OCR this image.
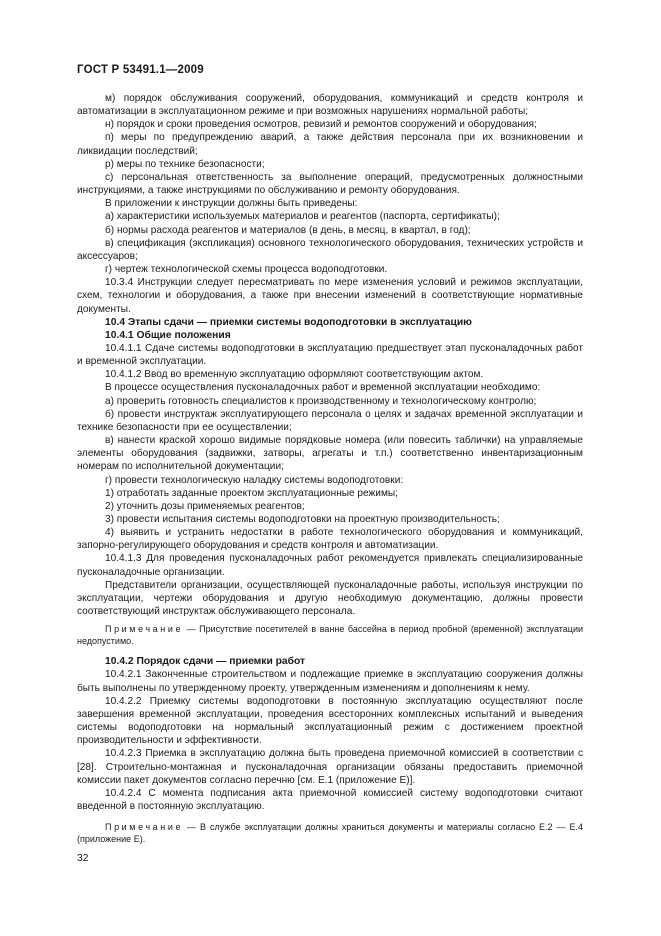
ГОСТ Р 53491.1—2009

м) порядок обслуживания сооружений, оборудования, коммуникаций и средств контроля и автоматизации в эксплуатационном режиме и при возможных нарушениях нормальной работы;

н) порядок и сроки проведения осмотров, ревизий и ремонтов сооружений и оборудования;

п) меры по предупреждению аварий, а также действия персонала при их возникновении и ликвидации последствий;

р) меры по технике безопасности;

с) персональная ответственность за выполнение операций, предусмотренных должностными инструкциями, а также инструкциями по обслуживанию и ремонту оборудования.

В приложении к инструкции должны быть приведены:

а) характеристики используемых материалов и реагентов (паспорта, сертификаты);

б) нормы расхода реагентов и материалов (в день, в месяц, в квартал, в год);

в) спецификация (экспликация) основного технологического оборудования, технических устройств и аксессуаров;

г) чертеж технологической схемы процесса водоподготовки.

10.3.4 Инструкции следует пересматривать по мере изменения условий и режимов эксплуатации, схем, технологии и оборудования, а также при внесении изменений в соответствующие нормативные документы.

10.4 Этапы сдачи — приемки системы водоподготовки в эксплуатацию

10.4.1 Общие положения

10.4.1.1 Сдаче системы водоподготовки в эксплуатацию предшествует этап пусконаладочных работ и временной эксплуатации.

10.4.1.2 Ввод во временную эксплуатацию оформляют соответствующим актом.

В процессе осуществления пусконаладочных работ и временной эксплуатации необходимо:

а) проверить готовность специалистов к производственному и технологическому контролю;

б) провести инструктаж эксплуатирующего персонала о целях и задачах временной эксплуатации и технике безопасности при ее осуществлении;

в) нанести краской хорошо видимые порядковые номера (или повесить таблички) на управляемые элементы оборудования (задвижки, затворы, агрегаты и т.п.) соответственно инвентаризационным номерам по исполнительной документации;

г) провести технологическую наладку системы водоподготовки:

1) отработать заданные проектом эксплуатационные режимы;

2) уточнить дозы применяемых реагентов;

3) провести испытания системы водоподготовки на проектную производительность;

4) выявить и устранить недостатки в работе технологического оборудования и коммуникаций, запорно-регулирующего оборудования и средств контроля и автоматизации.

10.4.1.3 Для проведения пусконаладочных работ рекомендуется привлекать специализированные пусконаладочные организации.

Представители организации, осуществляющей пусконаладочные работы, используя инструкции по эксплуатации, чертежи оборудования и другую необходимую документацию, должны провести соответствующий инструктаж обслуживающего персонала.

Примечание — Присутствие посетителей в ванне бассейна в период пробной (временной) эксплуатации недопустимо.

10.4.2 Порядок сдачи — приемки работ

10.4.2.1 Законченные строительством и подлежащие приемке в эксплуатацию сооружения должны быть выполнены по утвержденному проекту, утвержденным изменениям и дополнениям к нему.

10.4.2.2 Приемку системы водоподготовки в постоянную эксплуатацию осуществляют после завершения временной эксплуатации, проведения всесторонних комплексных испытаний и выведения системы водоподготовки на нормальный эксплуатационный режим с достижением проектной производительности и эффективности.

10.4.2.3 Приемка в эксплуатацию должна быть проведена приемочной комиссией в соответствии с [28]. Строительно-монтажная и пусконаладочная организации обязаны предоставить приемочной комиссии пакет документов согласно перечню [см. Е.1 (приложение Е)].

10.4.2.4 С момента подписания акта приемочной комиссией систему водоподготовки считают введенной в постоянную эксплуатацию.

Примечание — В службе эксплуатации должны храниться документы и материалы согласно Е.2 — Е.4 (приложение Е).

32
